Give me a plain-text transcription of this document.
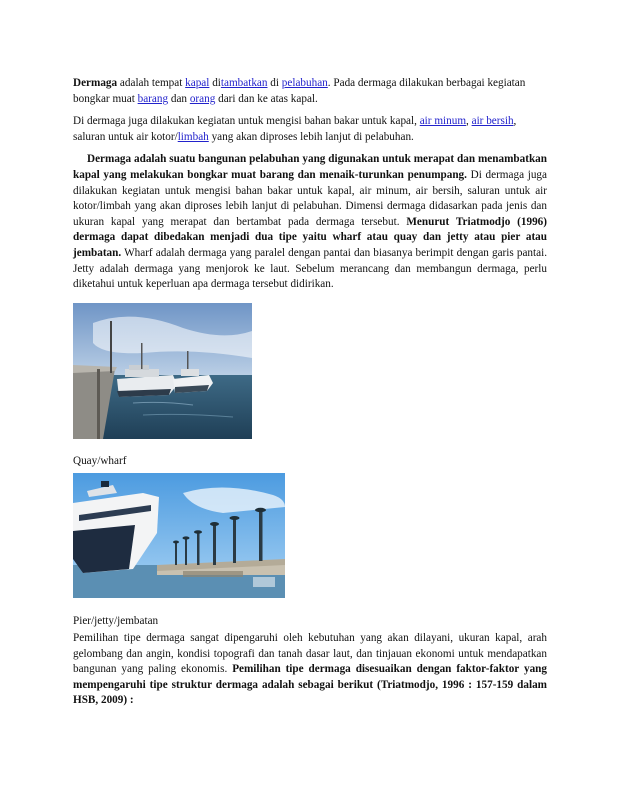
Dermaga adalah tempat kapal ditambatkan di pelabuhan. Pada dermaga dilakukan berbagai kegiatan bongkar muat barang dan orang dari dan ke atas kapal.

Di dermaga juga dilakukan kegiatan untuk mengisi bahan bakar untuk kapal, air minum, air bersih, saluran untuk air kotor/limbah yang akan diproses lebih lanjut di pelabuhan.

Dermaga adalah suatu bangunan pelabuhan yang digunakan untuk merapat dan menambatkan kapal yang melakukan bongkar muat barang dan menaik-turunkan penumpang. Di dermaga juga dilakukan kegiatan untuk mengisi bahan bakar untuk kapal, air minum, air bersih, saluran untuk air kotor/limbah yang akan diproses lebih lanjut di pelabuhan. Dimensi dermaga didasarkan pada jenis dan ukuran kapal yang merapat dan bertambat pada dermaga tersebut. Menurut Triatmodjo (1996) dermaga dapat dibedakan menjadi dua tipe yaitu wharf atau quay dan jetty atau pier atau jembatan. Wharf adalah dermaga yang paralel dengan pantai dan biasanya berimpit dengan garis pantai. Jetty adalah dermaga yang menjorok ke laut. Sebelum merancang dan membangun dermaga, perlu diketahui untuk keperluan apa dermaga tersebut didirikan.

Quay/wharf
Pier/jetty/jembatan

Pemilihan tipe dermaga sangat dipengaruhi oleh kebutuhan yang akan dilayani, ukuran kapal, arah gelombang dan angin, kondisi topografi dan tanah dasar laut, dan tinjauan ekonomi untuk mendapatkan bangunan yang paling ekonomis. Pemilihan tipe dermaga disesuaikan dengan faktor-faktor yang mempengaruhi tipe struktur dermaga adalah sebagai berikut (Triatmodjo, 1996 : 157-159 dalam HSB, 2009) :
